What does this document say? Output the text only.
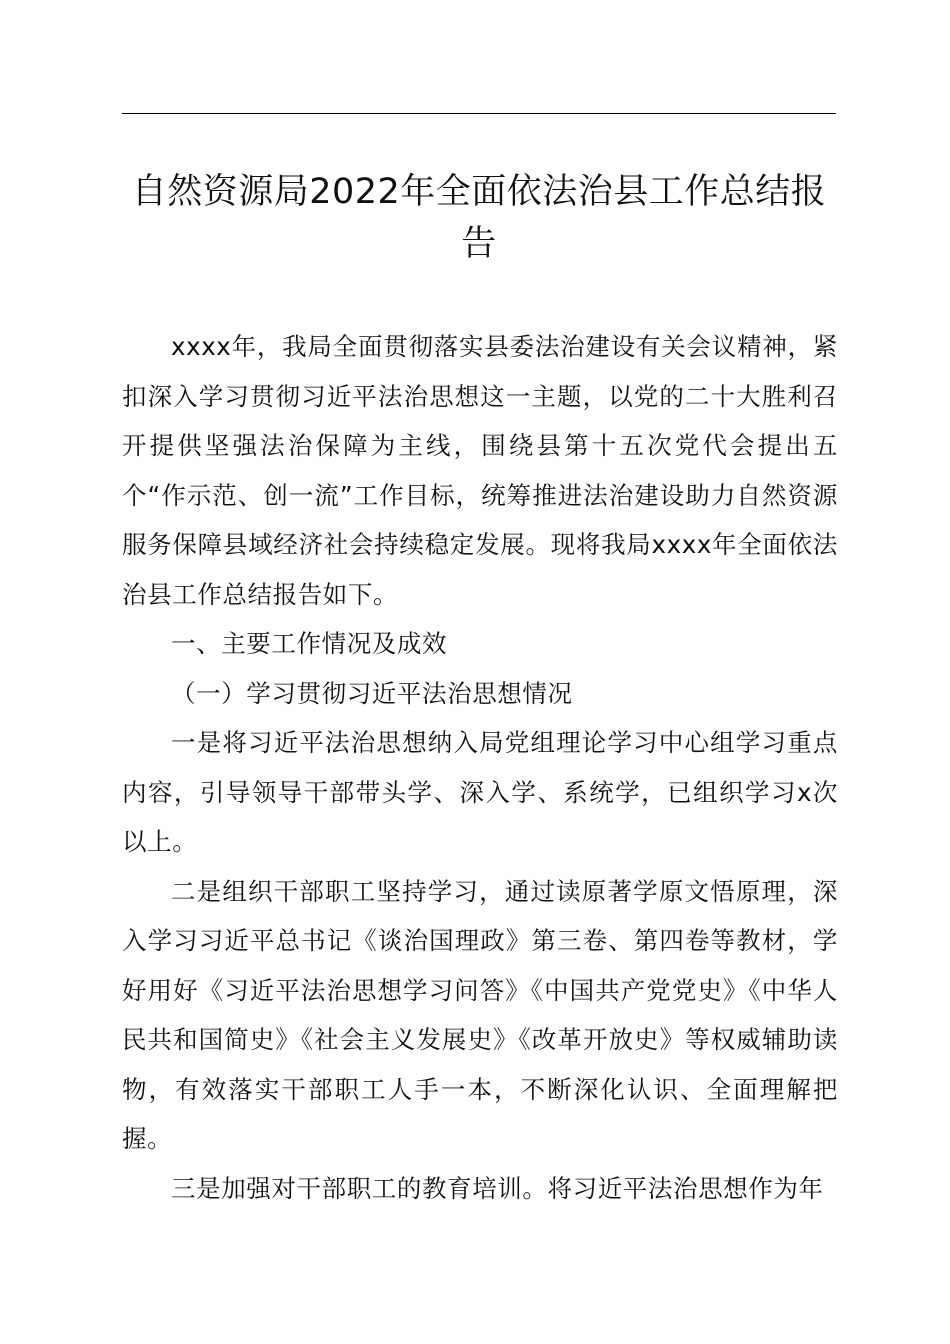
自然资源局2022年全面依法治县工作总结报告

xxxx年，我局全面贯彻落实县委法治建设有关会议精神，紧扣深入学习贯彻习近平法治思想这一主题，以党的二十大胜利召开提供坚强法治保障为主线，围绕县第十五次党代会提出五个“作示范、创一流”工作目标，统筹推进法治建设助力自然资源服务保障县域经济社会持续稳定发展。现将我局xxxx年全面依法治县工作总结报告如下。

一、主要工作情况及成效

（一）学习贯彻习近平法治思想情况

一是将习近平法治思想纳入局党组理论学习中心组学习重点内容，引导领导干部带头学、深入学、系统学，已组织学习x次以上。

二是组织干部职工坚持学习，通过读原著学原文悟原理，深入学习习近平总书记《谈治国理政》第三卷、第四卷等教材，学好用好《习近平法治思想学习问答》《中国共产党党史》《中华人民共和国简史》《社会主义发展史》《改革开放史》等权威辅助读物，有效落实干部职工人手一本，不断深化认识、全面理解把握。

三是加强对干部职工的教育培训。将习近平法治思想作为年
